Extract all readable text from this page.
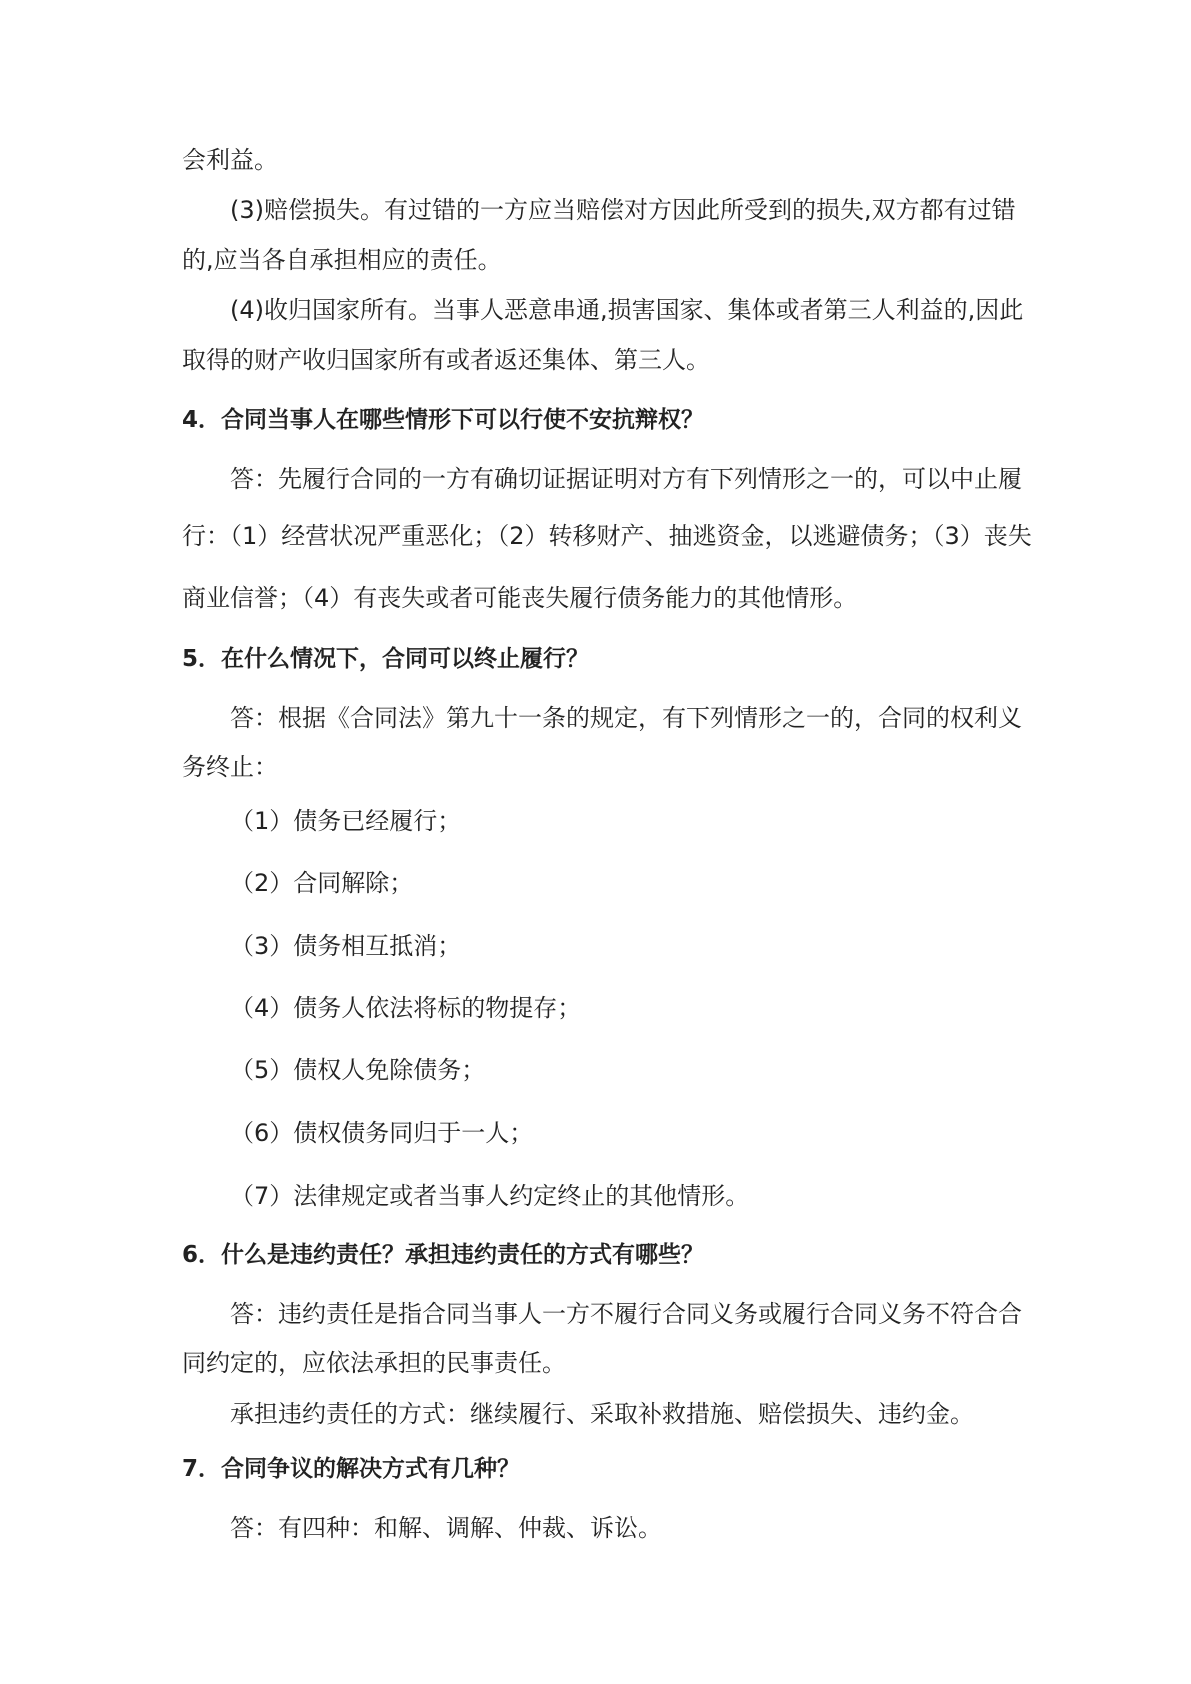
会利益。
(3)赔偿损失。有过错的一方应当赔偿对方因此所受到的损失,双方都有过错
的,应当各自承担相应的责任。
(4)收归国家所有。当事人恶意串通,损害国家、集体或者第三人利益的,因此
取得的财产收归国家所有或者返还集体、第三人。
4．合同当事人在哪些情形下可以行使不安抗辩权？
答：先履行合同的一方有确切证据证明对方有下列情形之一的，可以中止履
行：（1）经营状况严重恶化；（2）转移财产、抽逃资金，以逃避债务；（3）丧失
商业信誉；（4）有丧失或者可能丧失履行债务能力的其他情形。
5．在什么情况下，合同可以终止履行？
答：根据《合同法》第九十一条的规定，有下列情形之一的，合同的权利义
务终止：
（1）债务已经履行；
（2）合同解除；
（3）债务相互抵消；
（4）债务人依法将标的物提存；
（5）债权人免除债务；
（6）债权债务同归于一人；
（7）法律规定或者当事人约定终止的其他情形。
6．什么是违约责任？承担违约责任的方式有哪些？
答：违约责任是指合同当事人一方不履行合同义务或履行合同义务不符合合
同约定的，应依法承担的民事责任。
承担违约责任的方式：继续履行、采取补救措施、赔偿损失、违约金。
7．合同争议的解决方式有几种？
答：有四种：和解、调解、仲裁、诉讼。
